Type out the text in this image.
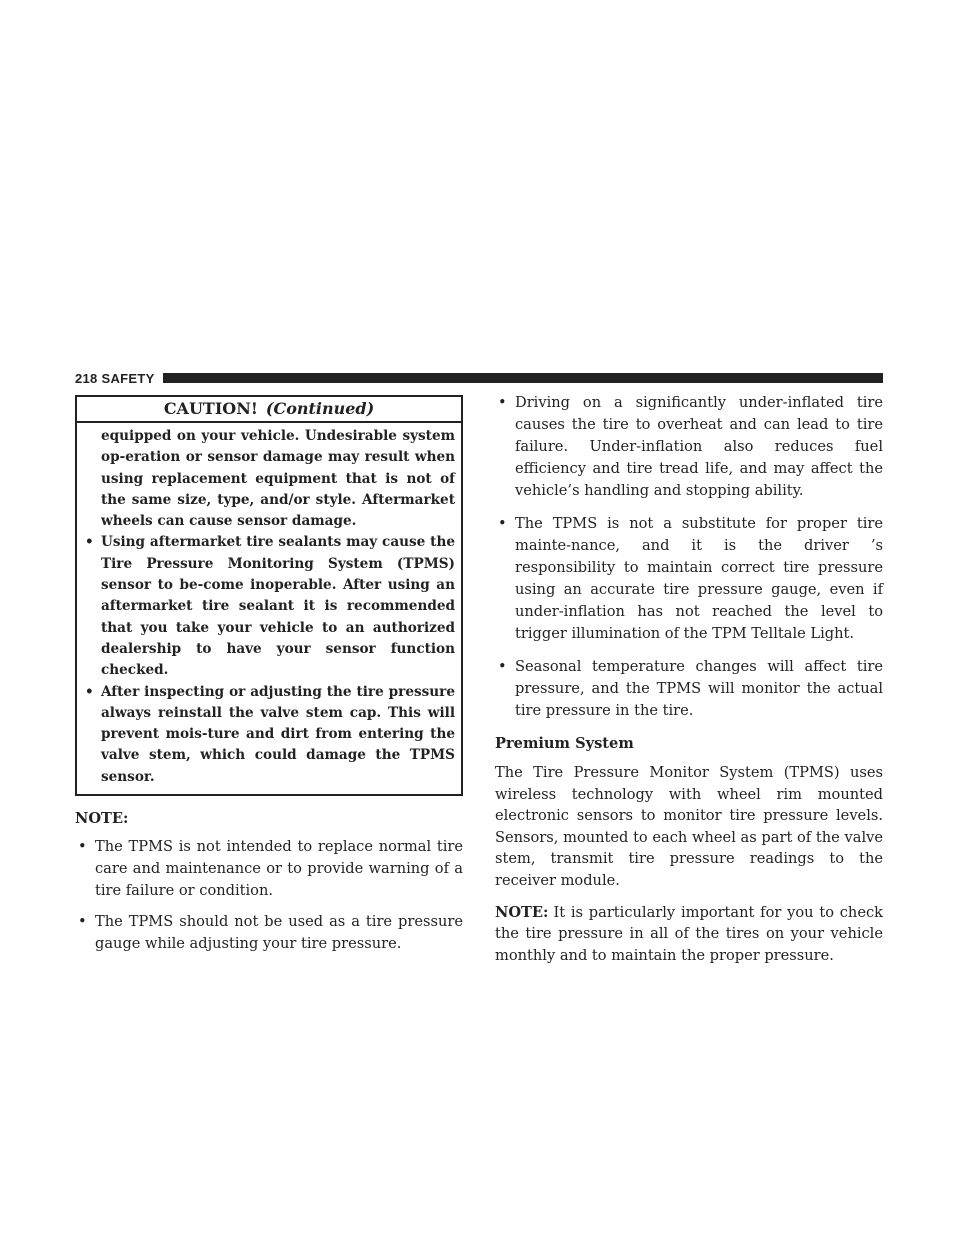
218 SAFETY
CAUTION! (Continued)

equipped on your vehicle. Undesirable system op-eration or sensor damage may result when using replacement equipment that is not of the same size, type, and/or style. Aftermarket wheels can cause sensor damage.

• Using aftermarket tire sealants may cause the Tire Pressure Monitoring System (TPMS) sensor to be-come inoperable. After using an aftermarket tire sealant it is recommended that you take your vehicle to an authorized dealership to have your sensor function checked.
• After inspecting or adjusting the tire pressure always reinstall the valve stem cap. This will prevent mois-ture and dirt from entering the valve stem, which could damage the TPMS sensor.
NOTE:
• The TPMS is not intended to replace normal tire care and maintenance or to provide warning of a tire failure or condition.
• The TPMS should not be used as a tire pressure gauge while adjusting your tire pressure.
• Driving on a significantly under-inflated tire causes the tire to overheat and can lead to tire failure. Under-inflation also reduces fuel efficiency and tire tread life, and may affect the vehicle’s handling and stopping ability.
• The TPMS is not a substitute for proper tire mainte-nance, and it is the driver ’s responsibility to maintain correct tire pressure using an accurate tire pressure gauge, even if under-inflation has not reached the level to trigger illumination of the TPM Telltale Light.
• Seasonal temperature changes will affect tire pressure, and the TPMS will monitor the actual tire pressure in the tire.
Premium System

The Tire Pressure Monitor System (TPMS) uses wireless technology with wheel rim mounted electronic sensors to monitor tire pressure levels. Sensors, mounted to each wheel as part of the valve stem, transmit tire pressure readings to the receiver module.

NOTE: It is particularly important for you to check the tire pressure in all of the tires on your vehicle monthly and to maintain the proper pressure.
